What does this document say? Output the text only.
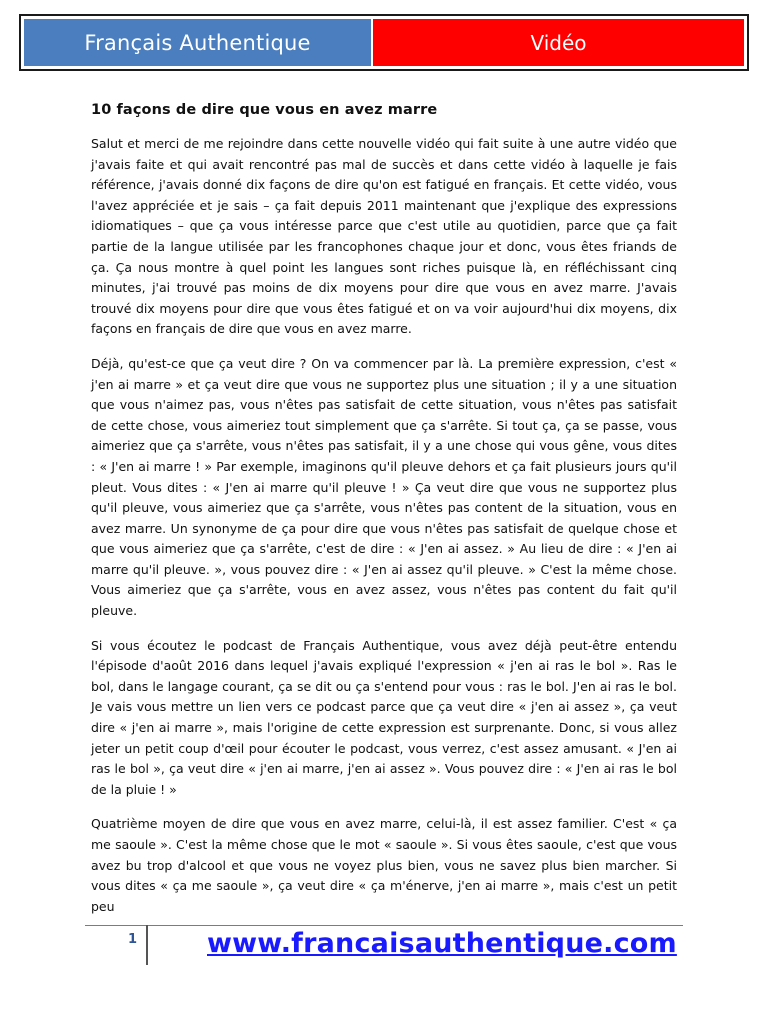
Français Authentique	Vidéo
10 façons de dire que vous en avez marre

Salut et merci de me rejoindre dans cette nouvelle vidéo qui fait suite à une autre vidéo que j'avais faite et qui avait rencontré pas mal de succès et dans cette vidéo à laquelle je fais référence, j'avais donné dix façons de dire qu'on est fatigué en français. Et cette vidéo, vous l'avez appréciée et je sais – ça fait depuis 2011 maintenant que j'explique des expressions idiomatiques – que ça vous intéresse parce que c'est utile au quotidien, parce que ça fait partie de la langue utilisée par les francophones chaque jour et donc, vous êtes friands de ça. Ça nous montre à quel point les langues sont riches puisque là, en réfléchissant cinq minutes, j'ai trouvé pas moins de dix moyens pour dire que vous en avez marre. J'avais trouvé dix moyens pour dire que vous êtes fatigué et on va voir aujourd'hui dix moyens, dix façons en français de dire que vous en avez marre.

Déjà, qu'est-ce que ça veut dire ? On va commencer par là. La première expression, c'est « j'en ai marre » et ça veut dire que vous ne supportez plus une situation ; il y a une situation que vous n'aimez pas, vous n'êtes pas satisfait de cette situation, vous n'êtes pas satisfait de cette chose, vous aimeriez tout simplement que ça s'arrête. Si tout ça, ça se passe, vous aimeriez que ça s'arrête, vous n'êtes pas satisfait, il y a une chose qui vous gêne, vous dites : « J'en ai marre ! » Par exemple, imaginons qu'il pleuve dehors et ça fait plusieurs jours qu'il pleut. Vous dites : « J'en ai marre qu'il pleuve ! » Ça veut dire que vous ne supportez plus qu'il pleuve, vous aimeriez que ça s'arrête, vous n'êtes pas content de la situation, vous en avez marre. Un synonyme de ça pour dire que vous n'êtes pas satisfait de quelque chose et que vous aimeriez que ça s'arrête, c'est de dire : « J'en ai assez. » Au lieu de dire : « J'en ai marre qu'il pleuve. », vous pouvez dire : « J'en ai assez qu'il pleuve. » C'est la même chose. Vous aimeriez que ça s'arrête, vous en avez assez, vous n'êtes pas content du fait qu'il pleuve.

Si vous écoutez le podcast de Français Authentique, vous avez déjà peut-être entendu l'épisode d'août 2016 dans lequel j'avais expliqué l'expression « j'en ai ras le bol ». Ras le bol, dans le langage courant, ça se dit ou ça s'entend pour vous : ras le bol. J'en ai ras le bol. Je vais vous mettre un lien vers ce podcast parce que ça veut dire « j'en ai assez », ça veut dire « j'en ai marre », mais l'origine de cette expression est surprenante. Donc, si vous allez jeter un petit coup d'œil pour écouter le podcast, vous verrez, c'est assez amusant. « J'en ai ras le bol », ça veut dire « j'en ai marre, j'en ai assez ». Vous pouvez dire : « J'en ai ras le bol de la pluie ! »

Quatrième moyen de dire que vous en avez marre, celui-là, il est assez familier. C'est « ça me saoule ». C'est la même chose que le mot « saoule ». Si vous êtes saoule, c'est que vous avez bu trop d'alcool et que vous ne voyez plus bien, vous ne savez plus bien marcher. Si vous dites « ça me saoule », ça veut dire « ça m'énerve, j'en ai marre », mais c'est un petit peu

1	www.francaisauthentique.com
